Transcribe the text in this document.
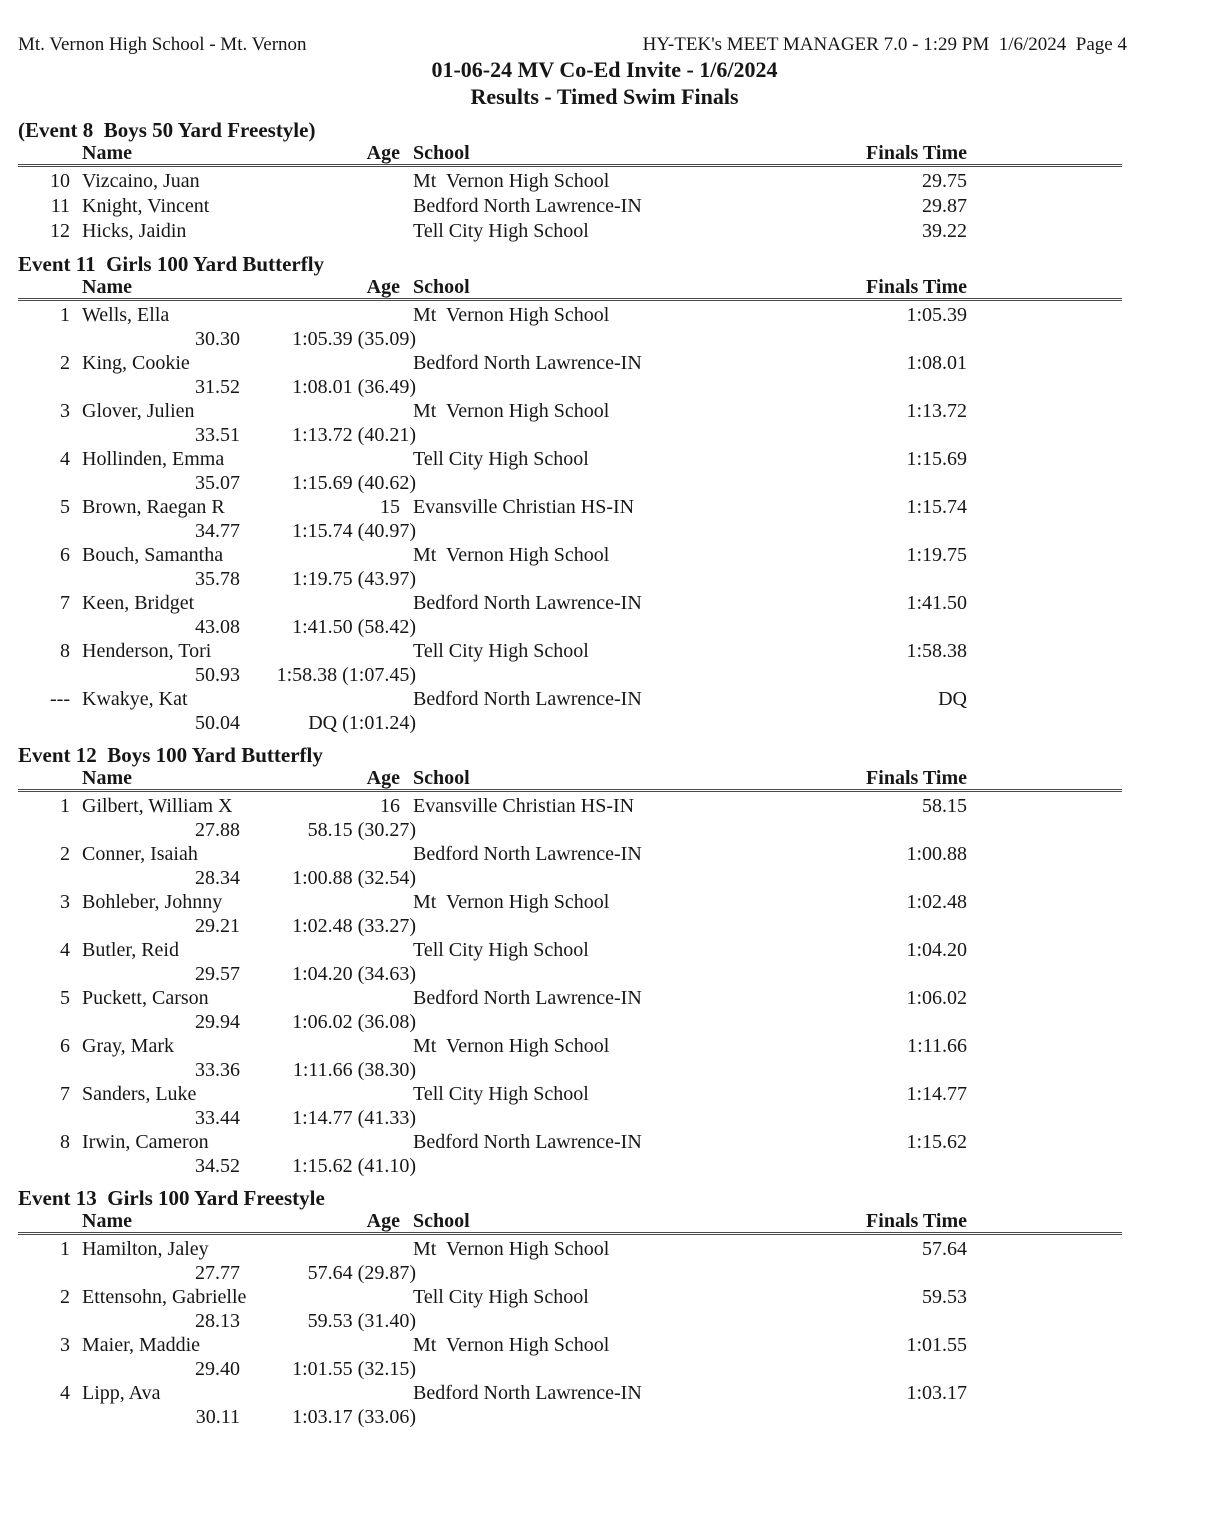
Mt. Vernon High School - Mt. Vernon	HY-TEK's MEET MANAGER 7.0 - 1:29 PM  1/6/2024  Page 4
01-06-24 MV Co-Ed Invite - 1/6/2024
Results - Timed Swim Finals
(Event 8  Boys 50 Yard Freestyle)
Name	Age School	Finals Time
10 Vizcaino, Juan	Mt  Vernon High School	29.75
11 Knight, Vincent	Bedford North Lawrence-IN	29.87
12 Hicks, Jaidin	Tell City High School	39.22
Event 11  Girls 100 Yard Butterfly
Name	Age School	Finals Time
1 Wells, Ella	Mt  Vernon High School	1:05.39
30.30	1:05.39 (35.09)
2 King, Cookie	Bedford North Lawrence-IN	1:08.01
31.52	1:08.01 (36.49)
3 Glover, Julien	Mt  Vernon High School	1:13.72
33.51	1:13.72 (40.21)
4 Hollinden, Emma	Tell City High School	1:15.69
35.07	1:15.69 (40.62)
5 Brown, Raegan R	15 Evansville Christian HS-IN	1:15.74
34.77	1:15.74 (40.97)
6 Bouch, Samantha	Mt  Vernon High School	1:19.75
35.78	1:19.75 (43.97)
7 Keen, Bridget	Bedford North Lawrence-IN	1:41.50
43.08	1:41.50 (58.42)
8 Henderson, Tori	Tell City High School	1:58.38
50.93	1:58.38 (1:07.45)
--- Kwakye, Kat	Bedford North Lawrence-IN	DQ
50.04	DQ (1:01.24)
Event 12  Boys 100 Yard Butterfly
Name	Age School	Finals Time
1 Gilbert, William X	16 Evansville Christian HS-IN	58.15
27.88	58.15 (30.27)
2 Conner, Isaiah	Bedford North Lawrence-IN	1:00.88
28.34	1:00.88 (32.54)
3 Bohleber, Johnny	Mt  Vernon High School	1:02.48
29.21	1:02.48 (33.27)
4 Butler, Reid	Tell City High School	1:04.20
29.57	1:04.20 (34.63)
5 Puckett, Carson	Bedford North Lawrence-IN	1:06.02
29.94	1:06.02 (36.08)
6 Gray, Mark	Mt  Vernon High School	1:11.66
33.36	1:11.66 (38.30)
7 Sanders, Luke	Tell City High School	1:14.77
33.44	1:14.77 (41.33)
8 Irwin, Cameron	Bedford North Lawrence-IN	1:15.62
34.52	1:15.62 (41.10)
Event 13  Girls 100 Yard Freestyle
Name	Age School	Finals Time
1 Hamilton, Jaley	Mt  Vernon High School	57.64
27.77	57.64 (29.87)
2 Ettensohn, Gabrielle	Tell City High School	59.53
28.13	59.53 (31.40)
3 Maier, Maddie	Mt  Vernon High School	1:01.55
29.40	1:01.55 (32.15)
4 Lipp, Ava	Bedford North Lawrence-IN	1:03.17
30.11	1:03.17 (33.06)
